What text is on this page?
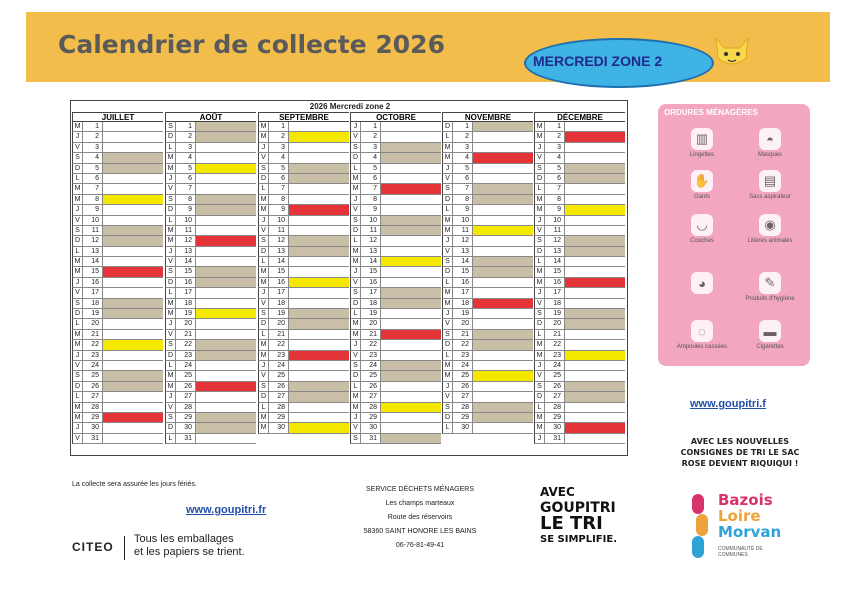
Calendrier de collecte 2026
MERCREDI ZONE 2
2026 Mercredi zone 2
JUILLET
M	1
J	2
V	3
S	4
D	5
L	6
M	7
M	8
J	9
V	10
S	11
D	12
L	13
M	14
M	15
J	16
V	17
S	18
D	19
L	20
M	21
M	22
J	23
V	24
S	25
D	26
L	27
M	28
M	29
J	30
V	31
AOÛT
S	1
D	2
L	3
M	4
M	5
J	6
V	7
S	8
D	9
L	10
M	11
M	12
J	13
V	14
S	15
D	16
L	17
M	18
M	19
J	20
V	21
S	22
D	23
L	24
M	25
M	26
J	27
V	28
S	29
D	30
L	31
SEPTEMBRE
M	1
M	2
J	3
V	4
S	5
D	6
L	7
M	8
M	9
J	10
V	11
S	12
D	13
L	14
M	15
M	16
J	17
V	18
S	19
D	20
L	21
M	22
M	23
J	24
V	25
S	26
D	27
L	28
M	29
M	30
OCTOBRE
J	1
V	2
S	3
D	4
L	5
M	6
M	7
J	8
V	9
S	10
D	11
L	12
M	13
M	14
J	15
V	16
S	17
D	18
L	19
M	20
M	21
J	22
V	23
S	24
D	25
L	26
M	27
M	28
J	29
V	30
S	31
NOVEMBRE
D	1
L	2
M	3
M	4
J	5
V	6
S	7
D	8
L	9
M	10
M	11
J	12
V	13
S	14
D	15
L	16
M	17
M	18
J	19
V	20
S	21
D	22
L	23
M	24
M	25
J	26
V	27
S	28
D	29
L	30
DÉCEMBRE
M	1
M	2
J	3
V	4
S	5
D	6
L	7
M	8
M	9
J	10
V	11
S	12
D	13
L	14
M	15
M	16
J	17
V	18
S	19
D	20
L	21
M	22
M	23
J	24
V	25
S	26
D	27
L	28
M	29
M	30
J	31
ORDURES MÉNAGÈRES
▥
Lingettes
◓
Masques
✋
Gants
▤
Sacs aspirateur
◡
Couches
◉
Litières animales
◕	✎
Produits d'hygiène
◌
Ampoules cassées
▬
Cigarettes
www.goupitri.f
AVEC LES NOUVELLES
CONSIGNES DE TRI LE SAC
ROSE DEVIENT RIQUIQUI !
La collecte sera assurée les jours fériés.
www.goupitri.fr
SERVICE DÉCHETS MÉNAGERS
Les champs marteaux
Route des réservoirs
58360 SAINT HONORE LES BAINS
06-76-81-49-41
CITEO
Tous les emballages
et les papiers se trient.
AVEC
GOUPITRI
LE TRI
SE SIMPLIFIE.
Bazois
Loire
Morvan
COMMUNAUTÉ DE COMMUNES
